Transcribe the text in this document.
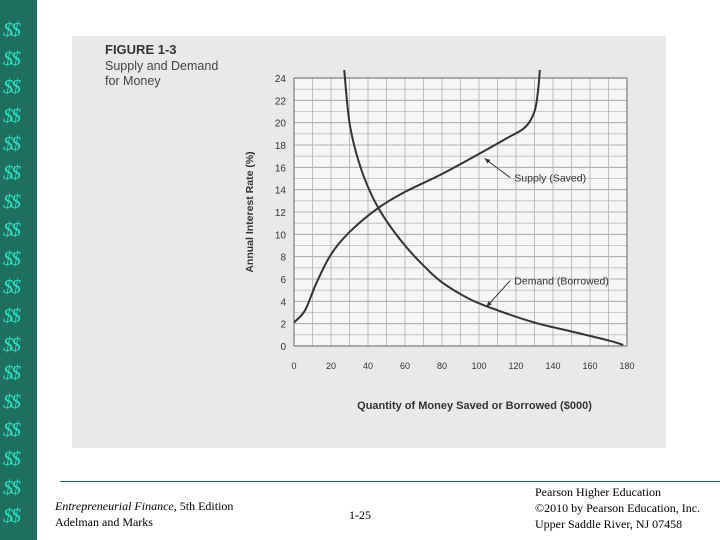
$$
$$
$$
$$
$$
$$
$$
$$
$$
$$
$$
$$
$$
$$
$$
$$
$$
$$
FIGURE 1-3
Supply and Demand
for Money
0
2
4
6
8
10
12
14
16
18
20
22
24
0	20	40	60	80	100 120 140 160 180
Annual Interest Rate (%)
Quantity of Money Saved or Borrowed ($000)
Supply (Saved)
Demand (Borrowed)
Entrepreneurial Finance, 5th Edition
Adelman and Marks	1-25
Pearson Higher Education
©2010 by Pearson Education, Inc.
Upper Saddle River, NJ 07458
